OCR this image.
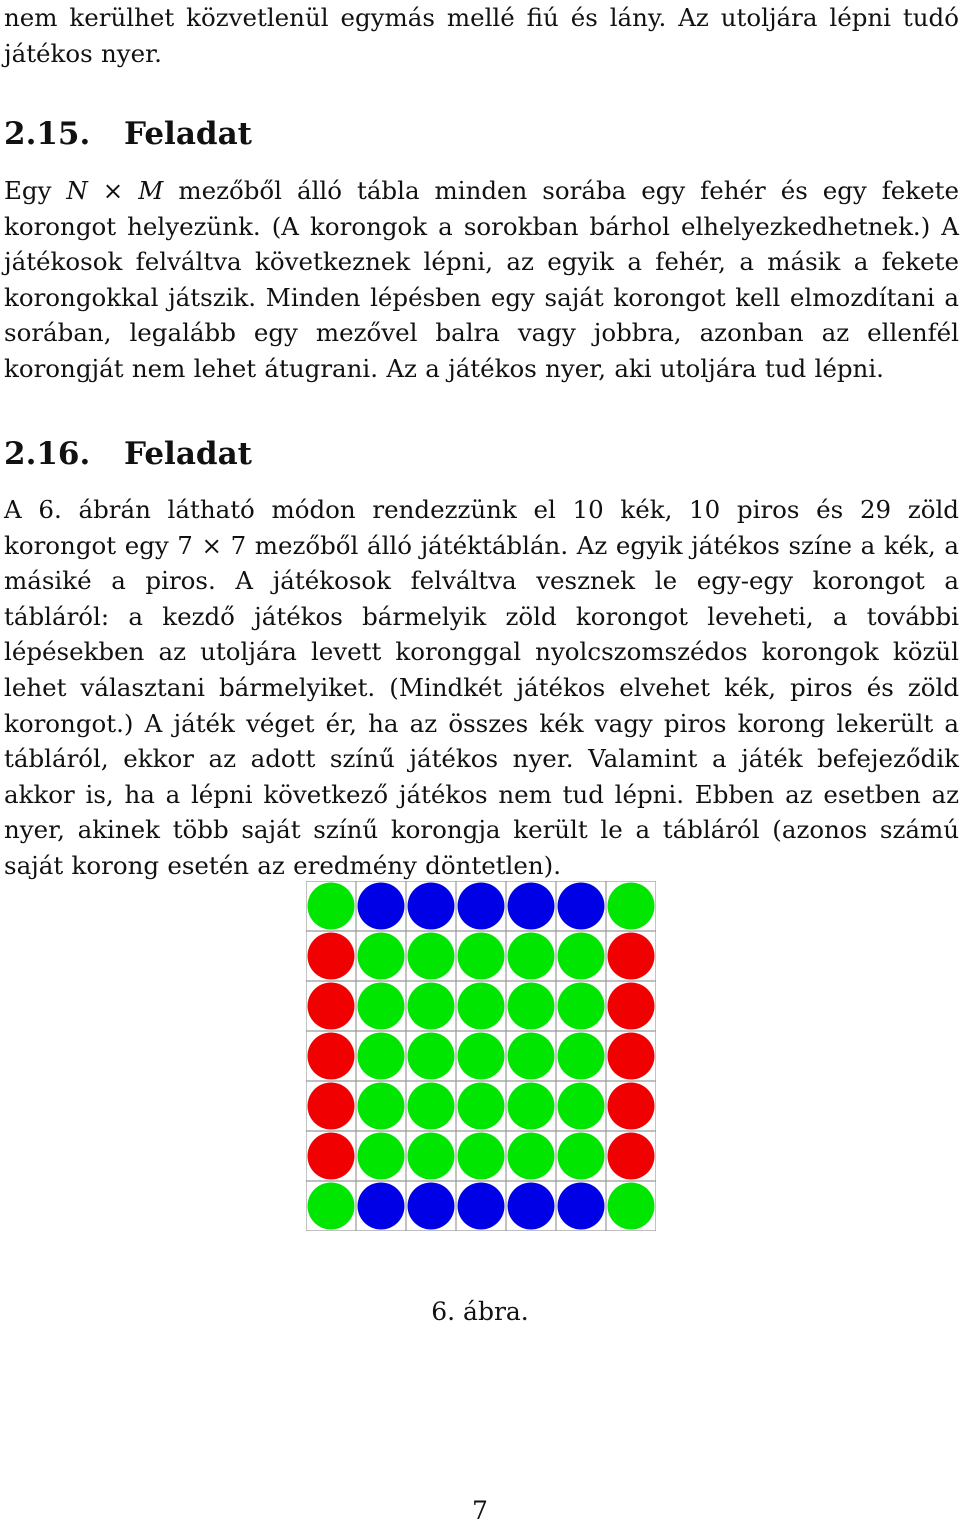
nem kerülhet közvetlenül egymás mellé fiú és lány. Az utoljára lépni tudó játékos nyer.

2.15. Feladat

Egy N × M mezőből álló tábla minden sorába egy fehér és egy fekete korongot helyezünk. (A korongok a sorokban bárhol elhelyezkedhetnek.) A játékosok felváltva következnek lépni, az egyik a fehér, a másik a fekete korongokkal játszik. Minden lépésben egy saját korongot kell elmozdítani a sorában, legalább egy mezővel balra vagy jobbra, azonban az ellenfél korongját nem lehet átugrani. Az a játékos nyer, aki utoljára tud lépni.

2.16. Feladat

A 6. ábrán látható módon rendezzünk el 10 kék, 10 piros és 29 zöld korongot egy 7 × 7 mezőből álló játéktáblán. Az egyik játékos színe a kék, a másiké a piros. A játékosok felváltva vesznek le egy-egy korongot a tábláról: a kezdő játékos bármelyik zöld korongot leveheti, a további lépésekben az utoljára levett koronggal nyolcszomszédos korongok közül lehet választani bármelyiket. (Mindkét játékos elvehet kék, piros és zöld korongot.) A játék véget ér, ha az összes kék vagy piros korong lekerült a tábláról, ekkor az adott színű játékos nyer. Valamint a játék befejeződik akkor is, ha a lépni következő játékos nem tud lépni. Ebben az esetben az nyer, akinek több saját színű korongja került le a tábláról (azonos számú saját korong esetén az eredmény döntetlen).

6. ábra.
7
